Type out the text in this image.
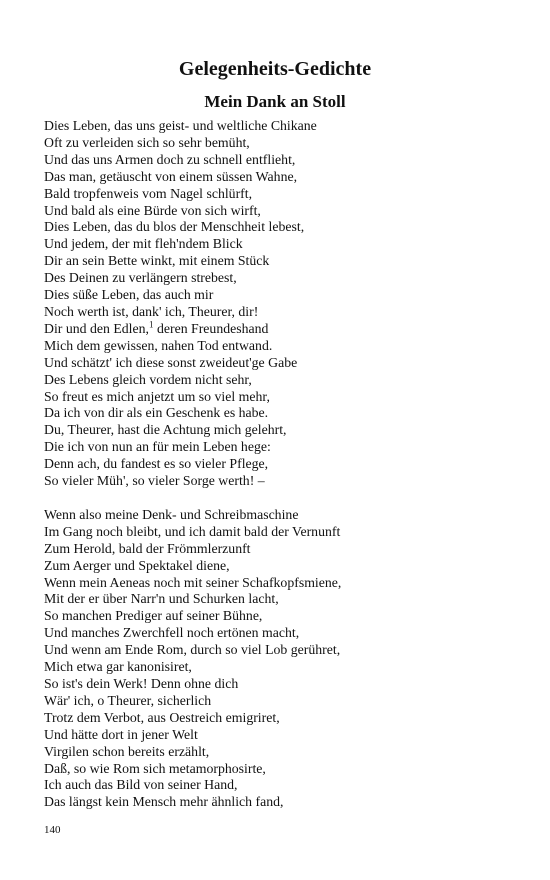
Gelegenheits-Gedichte
Mein Dank an Stoll
Dies Leben, das uns geist- und weltliche Chikane
Oft zu verleiden sich so sehr bemüht,
Und das uns Armen doch zu schnell entflieht,
Das man, getäuscht von einem süssen Wahne,
Bald tropfenweis vom Nagel schlürft,
Und bald als eine Bürde von sich wirft,
Dies Leben, das du blos der Menschheit lebest,
Und jedem, der mit fleh'ndem Blick
Dir an sein Bette winkt, mit einem Stück
Des Deinen zu verlängern strebest,
Dies süße Leben, das auch mir
Noch werth ist, dank' ich, Theurer, dir!
Dir und den Edlen,$^1$ deren Freundeshand
Mich dem gewissen, nahen Tod entwand.
Und schätzt' ich diese sonst zweideut'ge Gabe
Des Lebens gleich vordem nicht sehr,
So freut es mich anjetzt um so viel mehr,
Da ich von dir als ein Geschenk es habe.
Du, Theurer, hast die Achtung mich gelehrt,
Die ich von nun an für mein Leben hege:
Denn ach, du fandest es so vieler Pflege,
So vieler Müh', so vieler Sorge werth! –
Wenn also meine Denk- und Schreibmaschine
Im Gang noch bleibt, und ich damit bald der Vernunft
Zum Herold, bald der Frömmlerzunft
Zum Aerger und Spektakel diene,
Wenn mein Aeneas noch mit seiner Schafkopfsmiene,
Mit der er über Narr'n und Schurken lacht,
So manchen Prediger auf seiner Bühne,
Und manches Zwerchfell noch ertönen macht,
Und wenn am Ende Rom, durch so viel Lob gerühret,
Mich etwa gar kanonisiret,
So ist's dein Werk! Denn ohne dich
Wär' ich, o Theurer, sicherlich
Trotz dem Verbot, aus Oestreich emigriret,
Und hätte dort in jener Welt
Virgilen schon bereits erzählt,
Daß, so wie Rom sich metamorphosirte,
Ich auch das Bild von seiner Hand,
Das längst kein Mensch mehr ähnlich fand,
140
